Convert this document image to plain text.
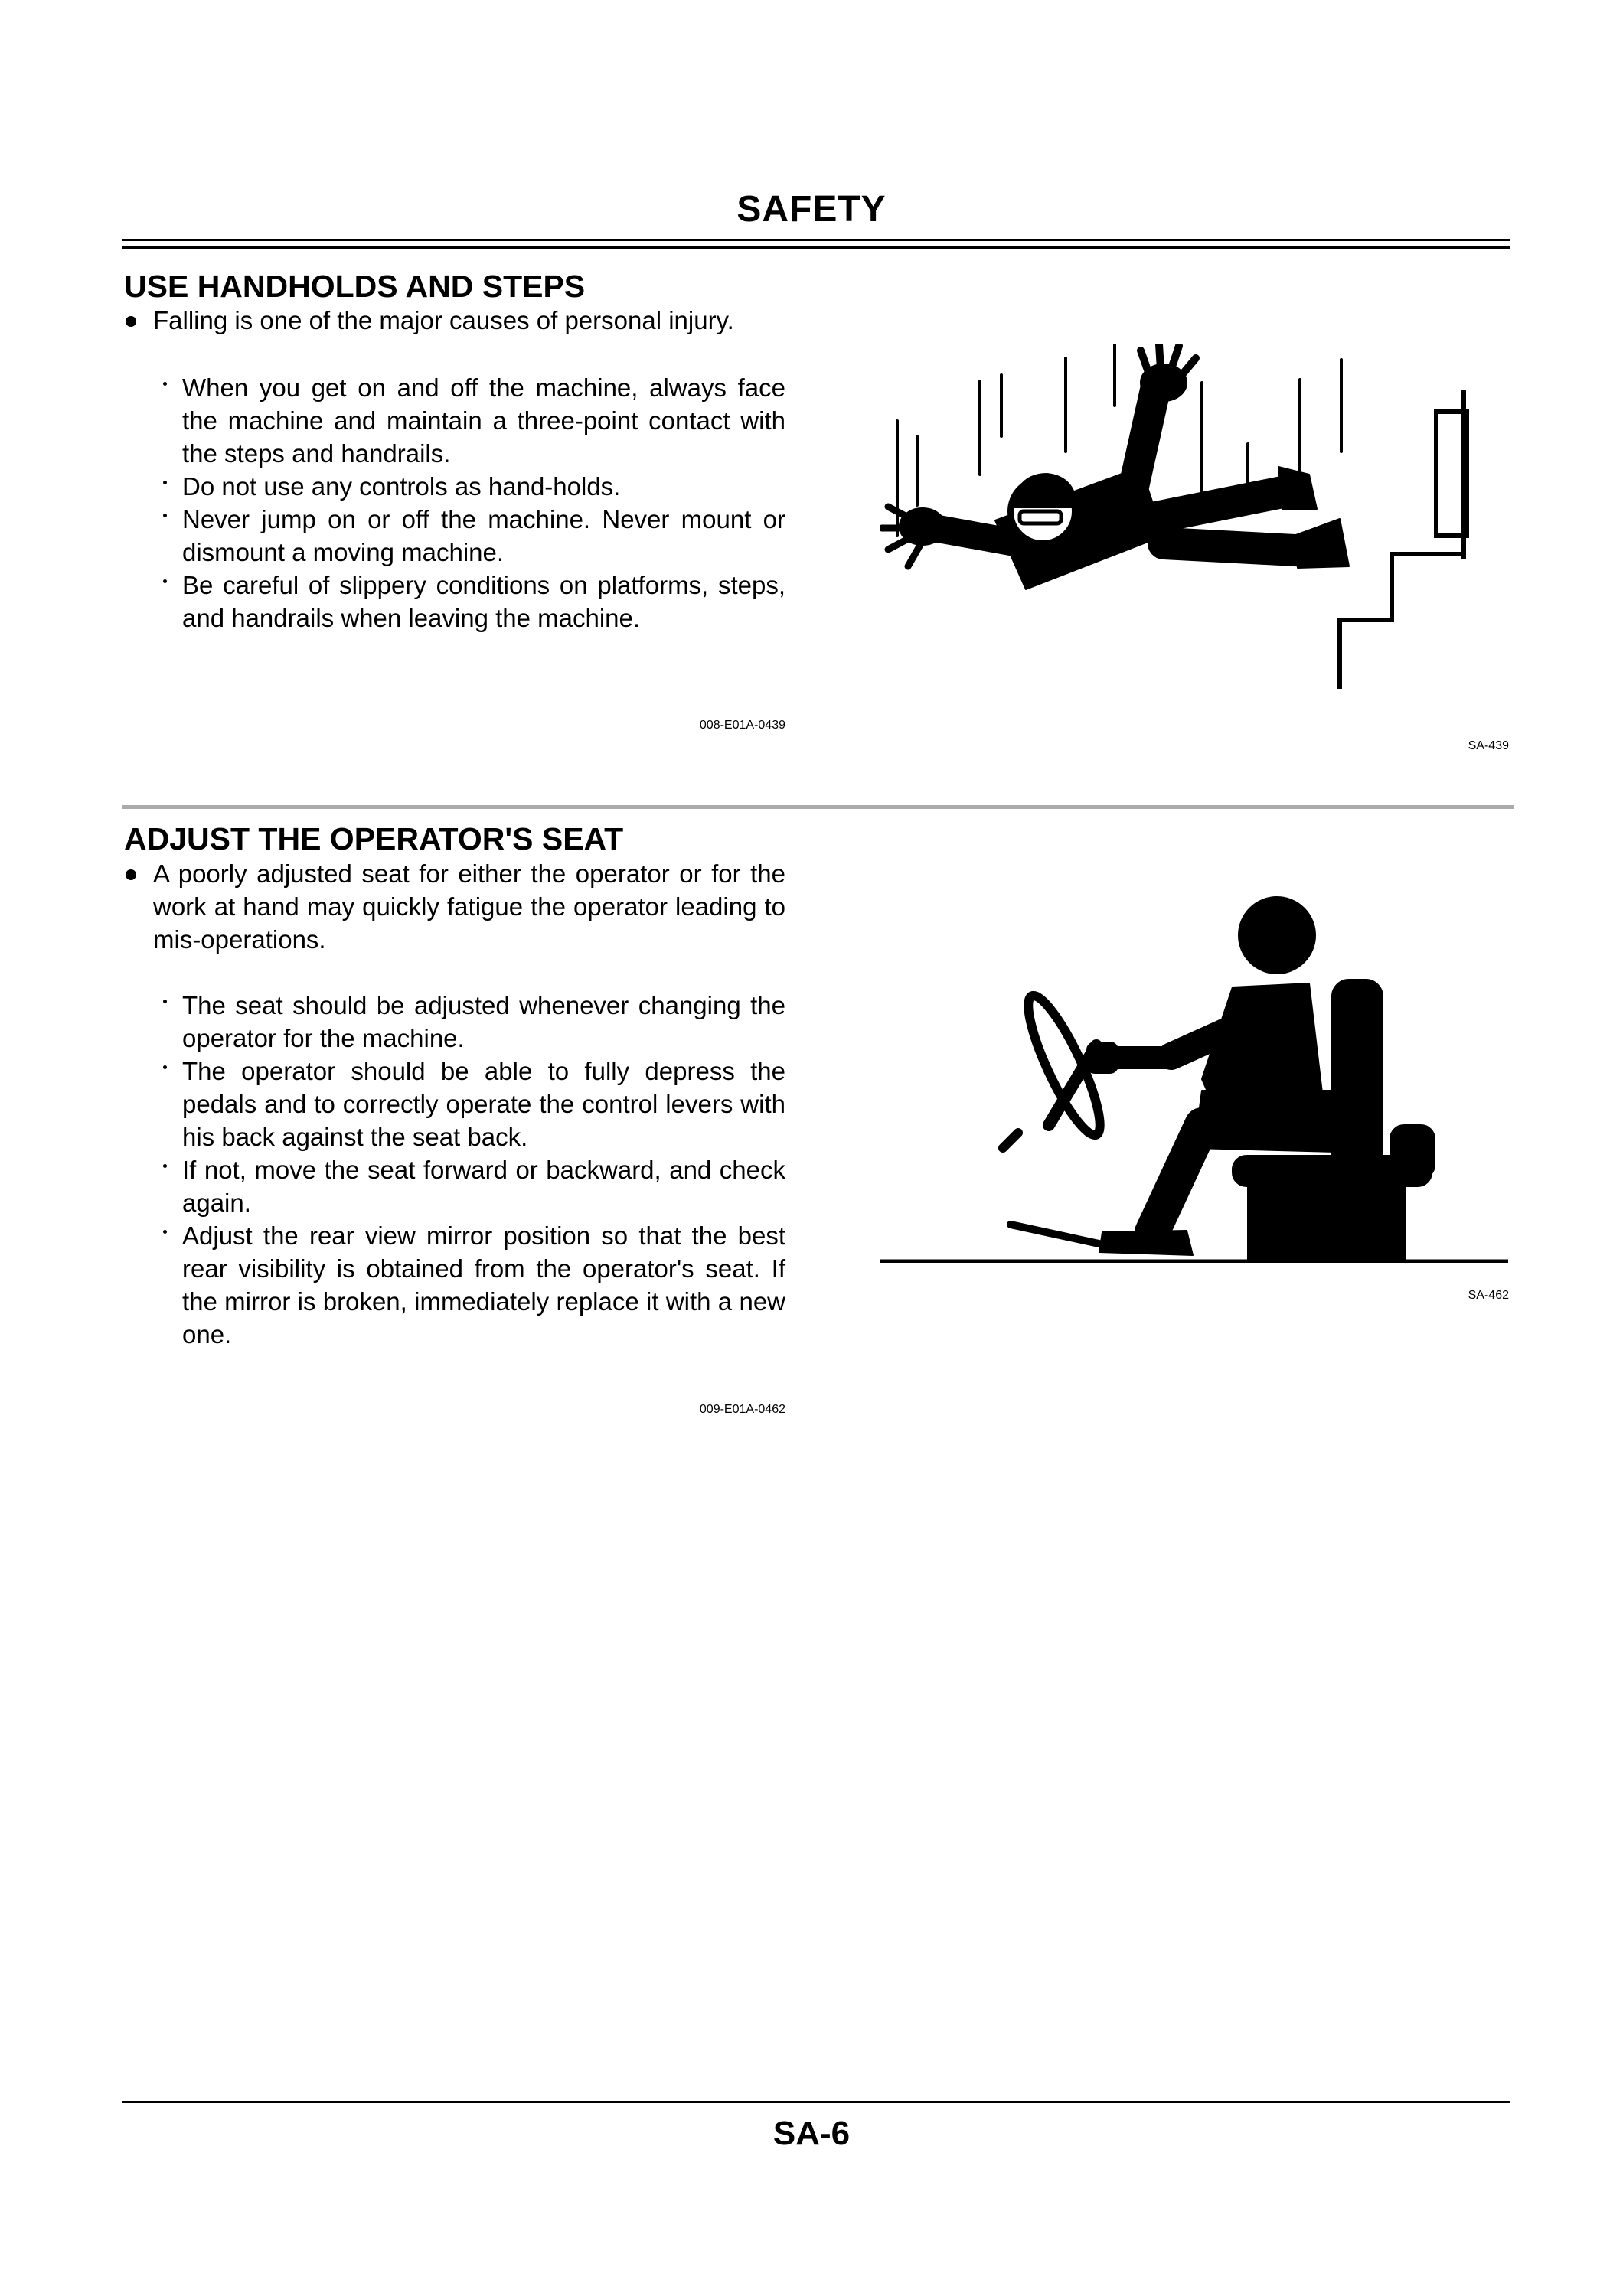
SAFETY
USE HANDHOLDS AND STEPS
Falling is one of the major causes of personal injury.
When you get on and off the machine, always face the machine and maintain a three-point contact with the steps and handrails.
Do not use any controls as hand-holds.
Never jump on or off the machine. Never mount or dismount a moving machine.
Be careful of slippery conditions on platforms, steps, and handrails when leaving the machine.
008-E01A-0439
SA-439
ADJUST THE OPERATOR'S SEAT
A poorly adjusted seat for either the operator or for the work at hand may quickly fatigue the operator leading to mis-operations.
The seat should be adjusted whenever changing the operator for the machine.
The operator should be able to fully depress the pedals and to correctly operate the control levers with his back against the seat back.
If not, move the seat forward or backward, and check again.
Adjust the rear view mirror position so that the best rear visibility is obtained from the operator's seat. If the mirror is broken, immediately replace it with a new one.
009-E01A-0462
SA-462
SA-6
